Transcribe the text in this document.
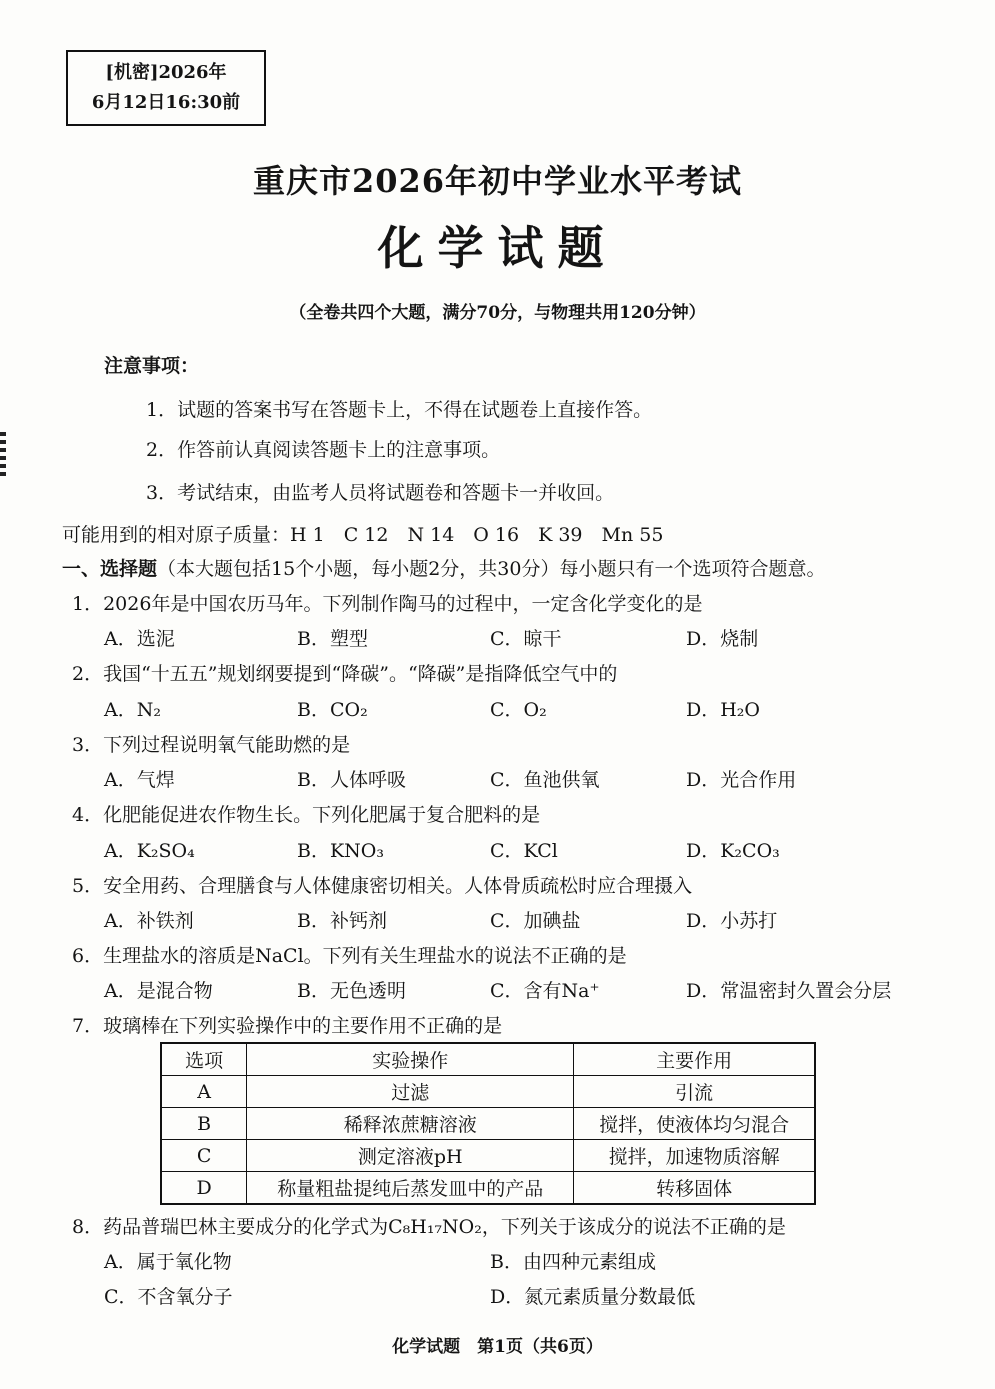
[机密]2026年
6月12日16:30前
重庆市2026年初中学业水平考试
化学试题
（全卷共四个大题，满分70分，与物理共用120分钟）
注意事项：
1．试题的答案书写在答题卡上，不得在试题卷上直接作答。
2．作答前认真阅读答题卡上的注意事项。
3．考试结束，由监考人员将试题卷和答题卡一并收回。
可能用到的相对原子质量：H 1　C 12　N 14　O 16　K 39　Mn 55
一、选择题（本大题包括15个小题，每小题2分，共30分）每小题只有一个选项符合题意。
1．2026年是中国农历马年。下列制作陶马的过程中，一定含化学变化的是
A．选泥	B．塑型	C．晾干	D．烧制
2．我国“十五五”规划纲要提到“降碳”。“降碳”是指降低空气中的
A．N₂	B．CO₂	C．O₂	D．H₂O
3．下列过程说明氧气能助燃的是
A．气焊	B．人体呼吸	C．鱼池供氧	D．光合作用
4．化肥能促进农作物生长。下列化肥属于复合肥料的是
A．K₂SO₄	B．KNO₃	C．KCl	D．K₂CO₃
5．安全用药、合理膳食与人体健康密切相关。人体骨质疏松时应合理摄入
A．补铁剂	B．补钙剂	C．加碘盐	D．小苏打
6．生理盐水的溶质是NaCl。下列有关生理盐水的说法不正确的是
A．是混合物	B．无色透明	C．含有Na⁺	D．常温密封久置会分层
7．玻璃棒在下列实验操作中的主要作用不正确的是
选项	实验操作	主要作用
A	过滤	引流
B	稀释浓蔗糖溶液	搅拌，使液体均匀混合
C	测定溶液pH	搅拌，加速物质溶解
D	称量粗盐提纯后蒸发皿中的产品	转移固体
8．药品普瑞巴林主要成分的化学式为C₈H₁₇NO₂，下列关于该成分的说法不正确的是
A．属于氧化物	B．由四种元素组成
C．不含氧分子	D．氮元素质量分数最低
化学试题　第1页（共6页）
